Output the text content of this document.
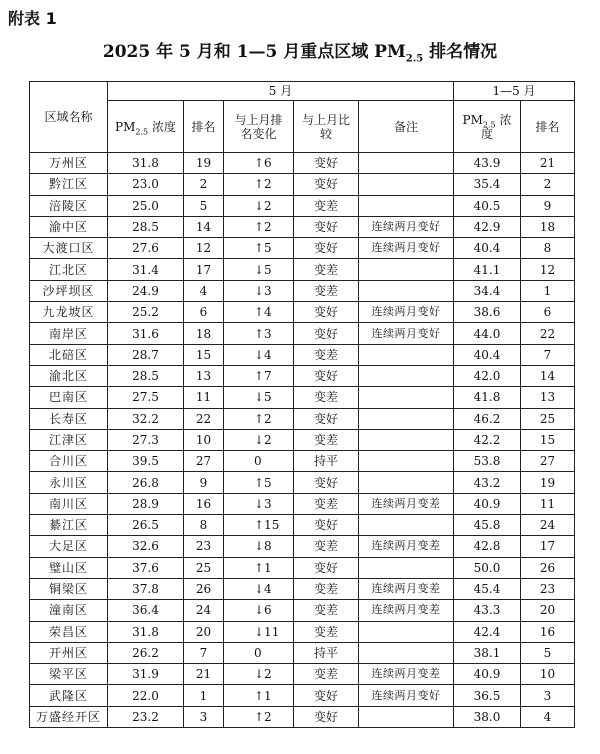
附表 1
2025 年 5 月和 1—5 月重点区域 $PM_{2.5}$ 排名情况
区域名称	5 月					1—5 月	
	$PM_{2.5}$ 浓度	排名	与上月排名变化	与上月比较	备注	$PM_{2.5}$ 浓度	排名
万州区	31.8	19	↑6	变好		43.9	21
黔江区	23.0	2	↑2	变好		35.4	2
涪陵区	25.0	5	↓2	变差		40.5	9
渝中区	28.5	14	↑2	变好	连续两月变好	42.9	18
大渡口区	27.6	12	↑5	变好	连续两月变好	40.4	8
江北区	31.4	17	↓5	变差		41.1	12
沙坪坝区	24.9	4	↓3	变差		34.4	1
九龙坡区	25.2	6	↑4	变好	连续两月变好	38.6	6
南岸区	31.6	18	↑3	变好	连续两月变好	44.0	22
北碚区	28.7	15	↓4	变差		40.4	7
渝北区	28.5	13	↑7	变好		42.0	14
巴南区	27.5	11	↓5	变差		41.8	13
长寿区	32.2	22	↑2	变好		46.2	25
江津区	27.3	10	↓2	变差		42.2	15
合川区	39.5	27	0	持平		53.8	27
永川区	26.8	9	↑5	变好		43.2	19
南川区	28.9	16	↓3	变差	连续两月变差	40.9	11
綦江区	26.5	8	↑15	变好		45.8	24
大足区	32.6	23	↓8	变差	连续两月变差	42.8	17
璧山区	37.6	25	↑1	变好		50.0	26
铜梁区	37.8	26	↓4	变差	连续两月变差	45.4	23
潼南区	36.4	24	↓6	变差	连续两月变差	43.3	20
荣昌区	31.8	20	↓11	变差		42.4	16
开州区	26.2	7	0	持平		38.1	5
梁平区	31.9	21	↓2	变差	连续两月变差	40.9	10
武隆区	22.0	1	↑1	变好	连续两月变好	36.5	3
万盛经开区	23.2	3	↑2	变好		38.0	4
